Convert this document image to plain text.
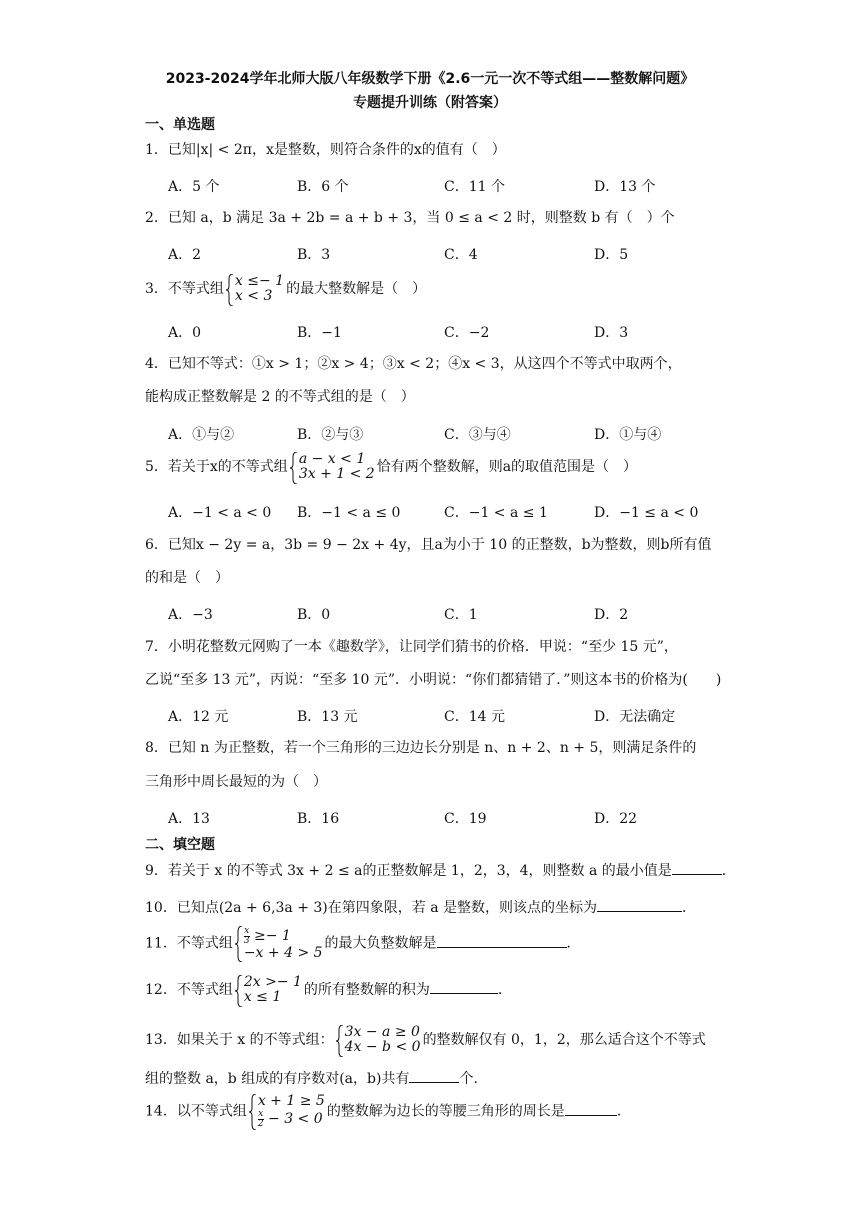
2023-2024学年北师大版八年级数学下册《2.6一元一次不等式组——整数解问题》
专题提升训练（附答案）
一、单选题
1．已知|x| < 2π，x是整数，则符合条件的x的值有（　）
A．5 个	B．6 个	C．11 个	D．13 个
2．已知 a，b 满足 3a + 2b = a + b + 3，当 0 ≤ a < 2 时，则整数 b 有（　）个
A．2	B．3	C．4	D．5
3．不等式组 x ≤− 1
x < 3 的最大整数解是（　）
A．0	B．−1	C．−2	D．3
4．已知不等式：①x > 1；②x > 4；③x < 2；④x < 3，从这四个不等式中取两个，
能构成正整数解是 2 的不等式组的是（　）
A．①与②	B．②与③	C．③与④	D．①与④
5．若关于x的不等式组 a − x < 1
3x + 1 < 2 恰有两个整数解，则a的取值范围是（　）
A．−1 < a < 0 B．−1 < a ≤ 0	C．−1 < a ≤ 1	D．−1 ≤ a < 0
6．已知x − 2y = a，3b = 9 − 2x + 4y，且a为小于 10 的正整数，b为整数，则b所有值
的和是（　）
A．−3	B．0	C．1	D．2
7．小明花整数元网购了一本《趣数学》，让同学们猜书的价格．甲说：“至少 15 元”，
乙说“至多 13 元”，丙说：“至多 10 元”．小明说：“你们都猜错了．”则这本书的价格为(　　)
A．12 元	B．13 元	C．14 元	D．无法确定
8．已知 n 为正整数，若一个三角形的三边边长分别是 n、n + 2、n + 5，则满足条件的
三角形中周长最短的为（　）
A．13	B．16	C．19	D．22
二、填空题
9．若关于 x 的不等式 3x + 2 ≤ a的正整数解是 1，2，3，4，则整数 a 的最小值是	．
10．已知点(2a + 6,3a + 3)在第四象限，若 a 是整数，则该点的坐标为	．
11．不等式组 $\frac{x}{3} \ge- 1$
−x + 4 > 5
的最大负整数解是	．
12．不等式组 2x >− 1
x ≤ 1	的所有整数解的积为	．
13．如果关于 x 的不等式组： 3x − a ≥ 0
4x − b < 0 的整数解仅有 0，1，2，那么适合这个不等式
组的整数 a，b 组成的有序数对(a，b)共有	个．
14．以不等式组
x + 1 ≥ 5
$\frac{x}{2} - 3 < 0$ 的整数解为边长的等腰三角形的周长是	．
